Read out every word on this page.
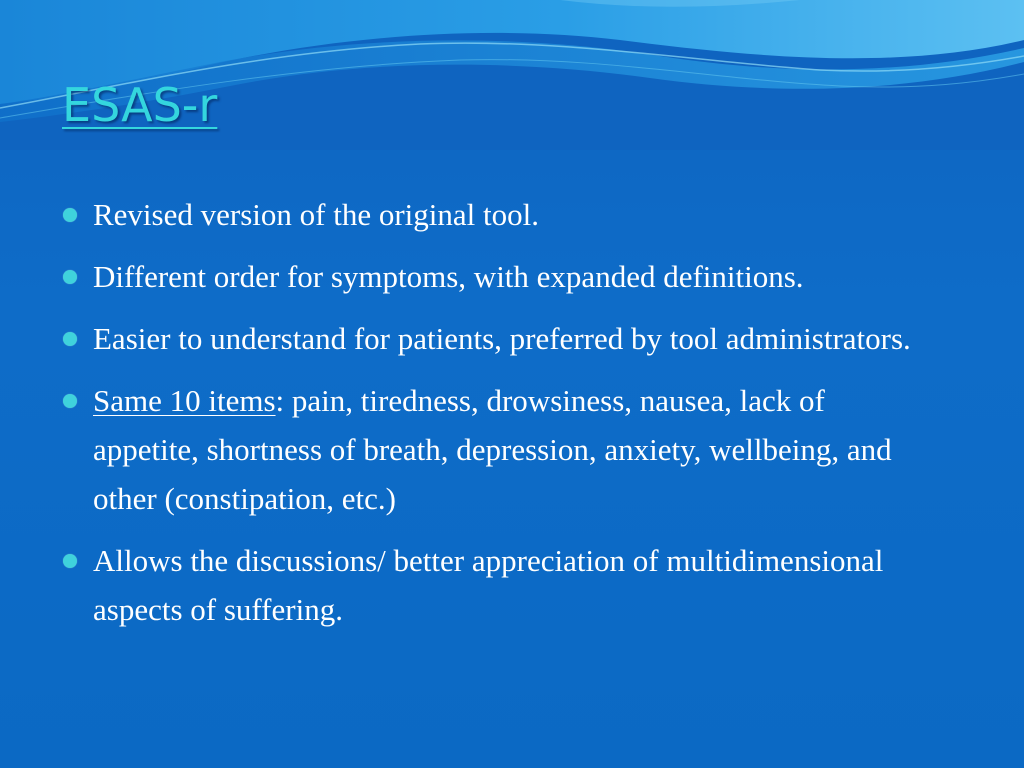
ESAS-r
Revised version of the original tool.
Different order for symptoms, with expanded definitions.
Easier to understand for patients, preferred by tool administrators.
Same 10 items: pain, tiredness, drowsiness, nausea, lack of appetite, shortness of breath, depression, anxiety, wellbeing, and other (constipation, etc.)
Allows the discussions/ better appreciation of multidimensional aspects of suffering.
